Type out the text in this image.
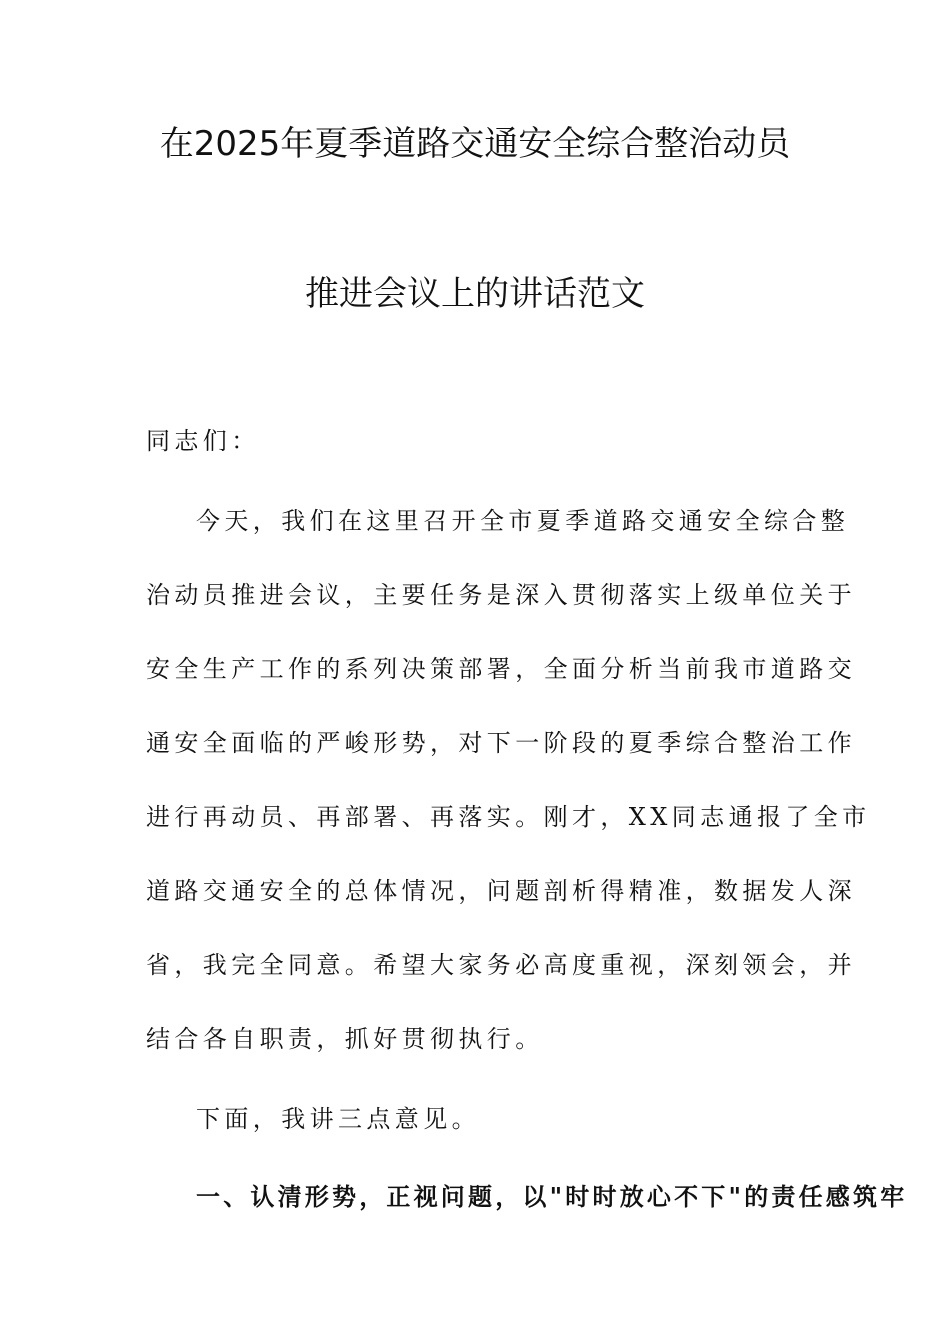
在2025年夏季道路交通安全综合整治动员
推进会议上的讲话范文
同志们：
今天，我们在这里召开全市夏季道路交通安全综合整
治动员推进会议，主要任务是深入贯彻落实上级单位关于
安全生产工作的系列决策部署，全面分析当前我市道路交
通安全面临的严峻形势，对下一阶段的夏季综合整治工作
进行再动员、再部署、再落实。刚才，XX同志通报了全市
道路交通安全的总体情况，问题剖析得精准，数据发人深
省，我完全同意。希望大家务必高度重视，深刻领会，并
结合各自职责，抓好贯彻执行。
下面，我讲三点意见。
一、认清形势，正视问题，以"时时放心不下"的责任感筑牢
